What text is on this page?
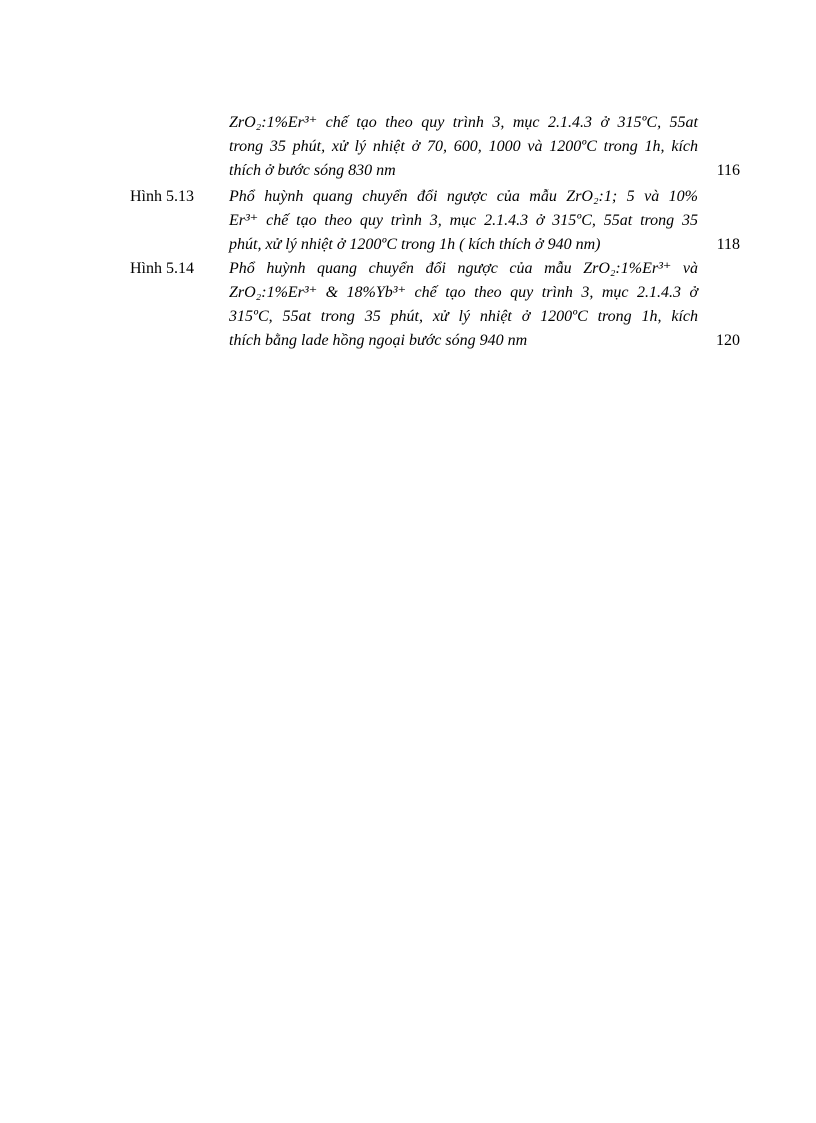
ZrO₂:1%Er³⁺ chế tạo theo quy trình 3, mục 2.1.4.3 ở 315ºC, 55at
trong 35 phút, xử lý nhiệt ở 70, 600, 1000 và 1200ºC trong 1h, kích
thích ở bước sóng 830 nm	116
Hình 5.13	Phổ huỳnh quang chuyển đổi ngược của mẫu ZrO₂:1; 5 và 10%
Er³⁺ chế tạo theo quy trình 3, mục 2.1.4.3 ở 315ºC, 55at trong 35
phút, xử lý nhiệt ở 1200ºC trong 1h ( kích thích ở 940 nm)	118
Hình 5.14	Phổ huỳnh quang chuyển đổi ngược của mẫu ZrO₂:1%Er³⁺ và
ZrO₂:1%Er³⁺ & 18%Yb³⁺ chế tạo theo quy trình 3, mục 2.1.4.3 ở
315ºC, 55at trong 35 phút, xử lý nhiệt ở 1200ºC trong 1h, kích
thích bằng lade hồng ngoại bước sóng 940 nm	120
